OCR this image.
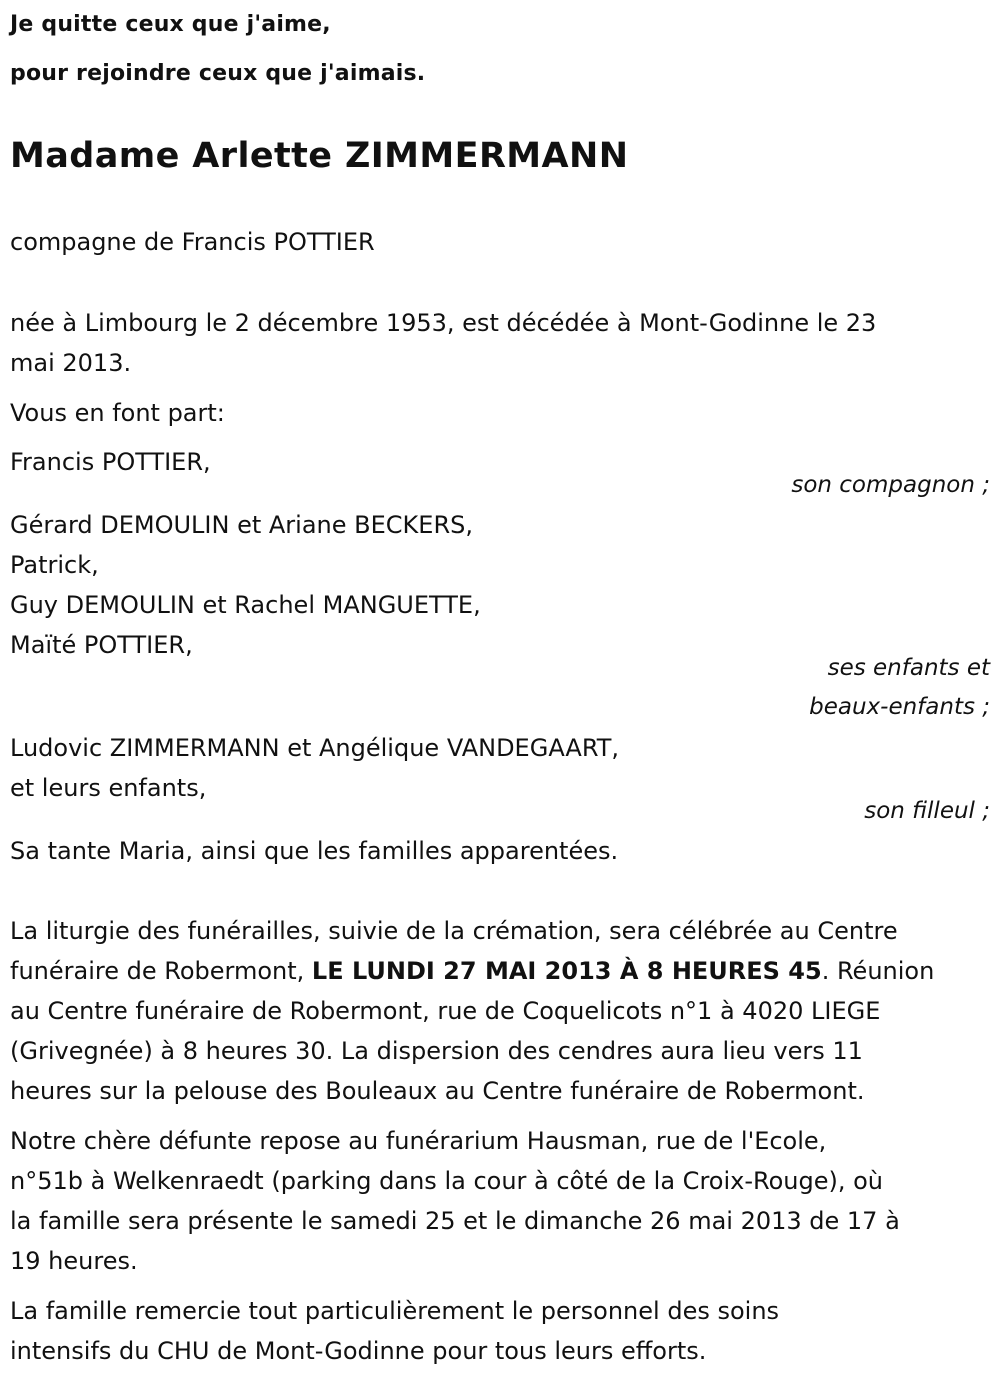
Je quitte ceux que j'aime,
pour rejoindre ceux que j'aimais.
Madame Arlette ZIMMERMANN
compagne de Francis POTTIER
née à Limbourg le 2 décembre 1953, est décédée à Mont-Godinne le 23
mai 2013.
Vous en font part:
Francis POTTIER,
son compagnon ;
Gérard DEMOULIN et Ariane BECKERS,
Patrick,
Guy DEMOULIN et Rachel MANGUETTE,
Maïté POTTIER,
ses enfants et
beaux-enfants ;
Ludovic ZIMMERMANN et Angélique VANDEGAART,
et leurs enfants,
son filleul ;
Sa tante Maria, ainsi que les familles apparentées.
La liturgie des funérailles, suivie de la crémation, sera célébrée au Centre
funéraire de Robermont, LE LUNDI 27 MAI 2013 À 8 HEURES 45. Réunion
au Centre funéraire de Robermont, rue de Coquelicots n°1 à 4020 LIEGE
(Grivegnée) à 8 heures 30. La dispersion des cendres aura lieu vers 11
heures sur la pelouse des Bouleaux au Centre funéraire de Robermont.
Notre chère défunte repose au funérarium Hausman, rue de l'Ecole,
n°51b à Welkenraedt (parking dans la cour à côté de la Croix-Rouge), où
la famille sera présente le samedi 25 et le dimanche 26 mai 2013 de 17 à
19 heures.
La famille remercie tout particulièrement le personnel des soins
intensifs du CHU de Mont-Godinne pour tous leurs efforts.
